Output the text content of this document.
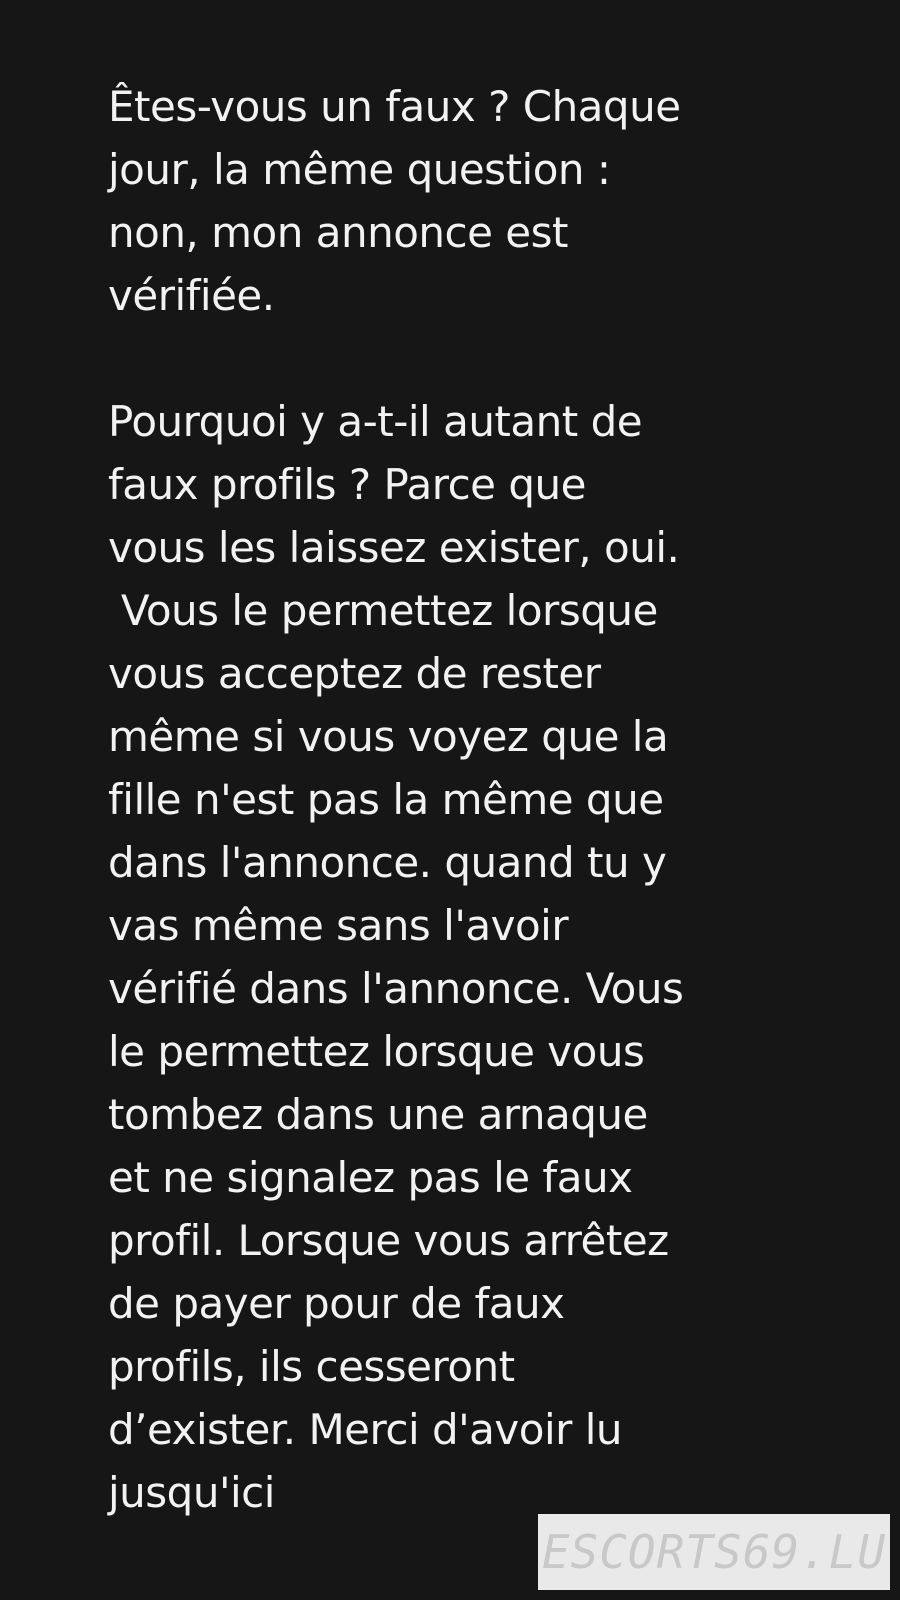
Êtes-vous un faux ? Chaque
jour, la même question :
non, mon annonce est
vérifiée.
Pourquoi y a-t-il autant de
faux profils ? Parce que
vous les laissez exister, oui.
Vous le permettez lorsque
vous acceptez de rester
même si vous voyez que la
fille n'est pas la même que
dans l'annonce. quand tu y
vas même sans l'avoir
vérifié dans l'annonce. Vous
le permettez lorsque vous
tombez dans une arnaque
et ne signalez pas le faux
profil. Lorsque vous arrêtez
de payer pour de faux
profils, ils cesseront
d’exister. Merci d'avoir lu
jusqu'ici
ESCORTS69.LU
